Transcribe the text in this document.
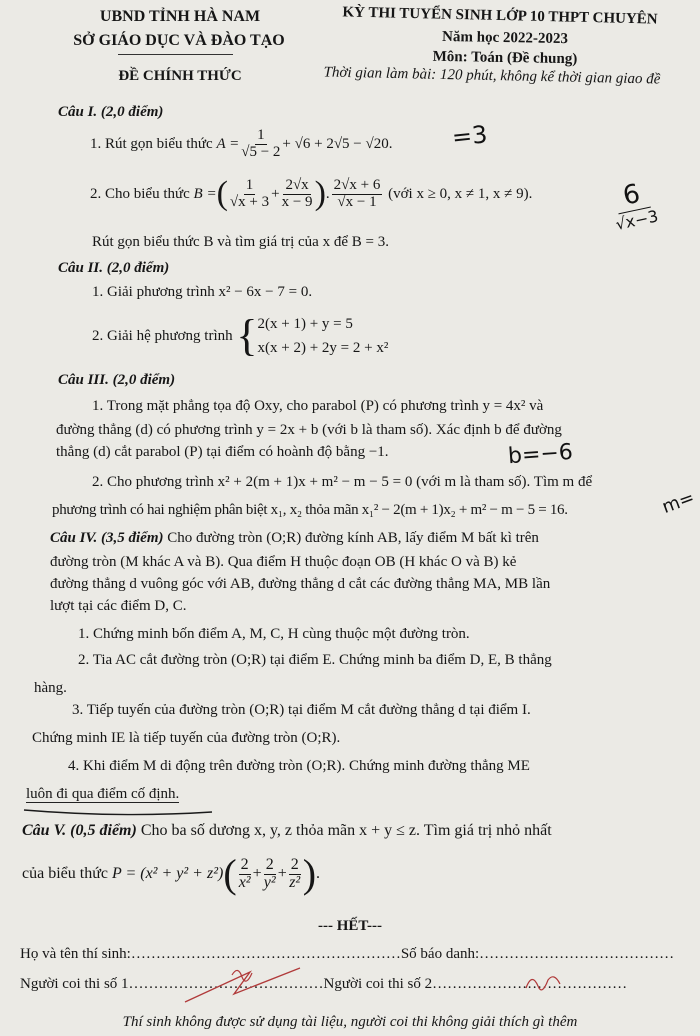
UBND TỈNH HÀ NAM
SỞ GIÁO DỤC VÀ ĐÀO TẠO
ĐỀ CHÍNH THỨC
KỲ THI TUYỂN SINH LỚP 10 THPT CHUYÊN
Năm học 2022-2023
Môn: Toán (Đề chung)
Thời gian làm bài: 120 phút, không kể thời gian giao đề
Câu I. (2,0 điểm)
1. Rút gọn biểu thức
$A = \frac{1}{√5 - 2} + √6 + 2√5 - √20$.
2. Cho biểu thức
B = ( $\frac{1}{√x + 3} + \frac{2√x}{x - 9}$ ) . $\frac{2√x + 6}{√x - 1}$
(với x ≥ 0, x ≠ 1, x ≠ 9).
Rút gọn biểu thức B và tìm giá trị của x để B = 3.
Câu II. (2,0 điểm)
1. Giải phương trình x² − 6x − 7 = 0.
2. Giải hệ phương trình
{ 2(x + 1) + y = 5
x(x + 2) + 2y = 2 + x²
Câu III. (2,0 điểm)
1. Trong mặt phẳng tọa độ Oxy, cho parabol (P) có phương trình y = 4x² và
đường thẳng (d) có phương trình y = 2x + b (với b là tham số). Xác định b để đường
thẳng (d) cắt parabol (P) tại điểm có hoành độ bằng −1.
2. Cho phương trình x² + 2(m + 1)x + m² − m − 5 = 0 (với m là tham số). Tìm m để
phương trình có hai nghiệm phân biệt x₁, x₂ thỏa mãn x₁² − 2(m + 1)x₂ + m² − m − 5 = 16.
Câu IV. (3,5 điểm) Cho đường tròn (O;R) đường kính AB, lấy điểm M bất kì trên
đường tròn (M khác A và B). Qua điểm H thuộc đoạn OB (H khác O và B) kẻ
đường thẳng d vuông góc với AB, đường thẳng d cắt các đường thẳng MA, MB lần
lượt tại các điểm D, C.
1. Chứng minh bốn điểm A, M, C, H cùng thuộc một đường tròn.
2. Tia AC cắt đường tròn (O;R) tại điểm E. Chứng minh ba điểm D, E, B thẳng
hàng.
3. Tiếp tuyến của đường tròn (O;R) tại điểm M cắt đường thẳng d tại điểm I.
Chứng minh IE là tiếp tuyến của đường tròn (O;R).
4. Khi điểm M di động trên đường tròn (O;R). Chứng minh đường thẳng ME
luôn đi qua điểm cố định.
Câu V. (0,5 điểm) Cho ba số dương x, y, z thỏa mãn x + y ≤ z. Tìm giá trị nhỏ nhất
của biểu thức
P = (x² + y² + z²) ( $\frac{2}{\text{x²}} + \frac{2}{\text{y²}} + \frac{2}{\text{z²}}$ ) .
--- HẾT---
Họ và tên thí sinh:………………………………………………Số báo danh:…………………………………
Người coi thi số 1…………………………………Người coi thi số 2…………………………………
Thí sinh không được sử dụng tài liệu, người coi thi không giải thích gì thêm
=3
6
√x−3
b=−6
m=
